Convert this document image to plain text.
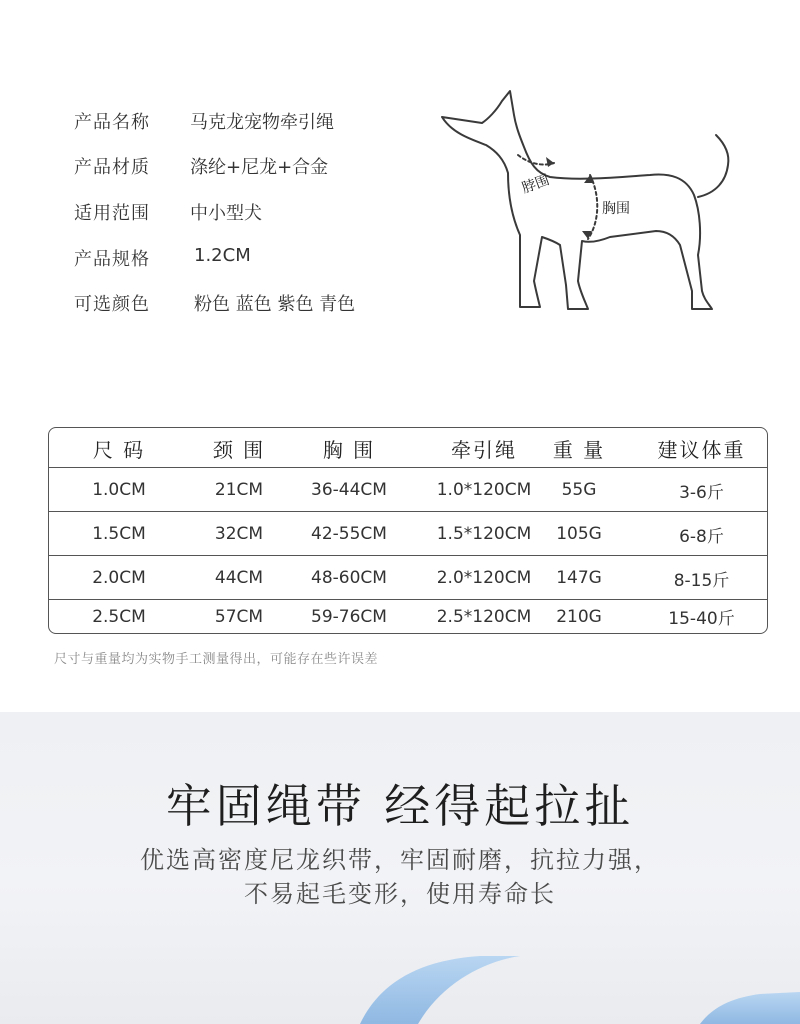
产品名称 马克龙宠物牵引绳
产品材质 涤纶+尼龙+合金
适用范围 中小型犬
产品规格 1.2CM
可选颜色 粉色 蓝色 紫色 青色
脖围
胸围
尺 码	颈 围	胸 围	牵引绳	重 量	建议体重
1.0CM	21CM	36-44CM	1.0*120CM	55G	3-6斤
1.5CM	32CM	42-55CM	1.5*120CM	105G	6-8斤
2.0CM	44CM	48-60CM	2.0*120CM	147G	8-15斤
2.5CM	57CM	59-76CM	2.5*120CM	210G	15-40斤
尺寸与重量均为实物手工测量得出，可能存在些许误差
牢固绳带 经得起拉扯
优选高密度尼龙织带，牢固耐磨，抗拉力强，
不易起毛变形，使用寿命长
